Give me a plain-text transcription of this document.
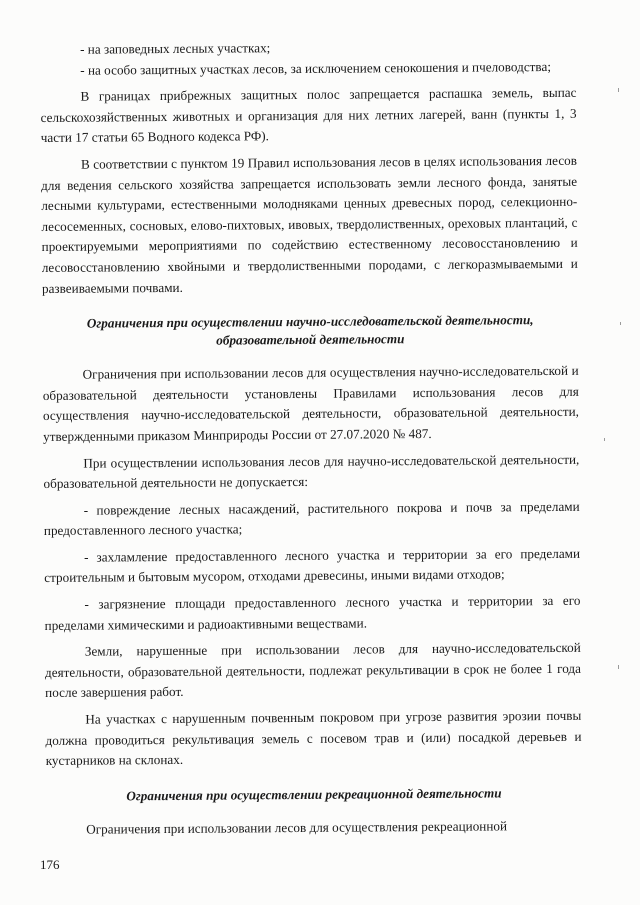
- на заповедных лесных участках;

- на особо защитных участках лесов, за исключением сенокошения и пчеловодства;

В границах прибрежных защитных полос запрещается распашка земель, выпас сельскохозяйственных животных и организация для них летних лагерей, ванн (пункты 1, 3 части 17 статьи 65 Водного кодекса РФ).

В соответствии с пунктом 19 Правил использования лесов в целях использования лесов для ведения сельского хозяйства запрещается использовать земли лесного фонда, занятые лесными культурами, естественными молодняками ценных древесных пород, селекционно-лесосеменных, сосновых, елово-пихтовых, ивовых, твердолиственных, ореховых плантаций, с проектируемыми мероприятиями по содействию естественному лесовосстановлению и лесовосстановлению хвойными и твердолиственными породами, с легкоразмываемыми и развеиваемыми почвами.

Ограничения при осуществлении научно-исследовательской деятельности, образовательной деятельности

Ограничения при использовании лесов для осуществления научно-исследовательской и образовательной деятельности установлены Правилами использования лесов для осуществления научно-исследовательской деятельности, образовательной деятельности, утвержденными приказом Минприроды России от 27.07.2020 № 487.

При осуществлении использования лесов для научно-исследовательской деятельности, образовательной деятельности не допускается:

- повреждение лесных насаждений, растительного покрова и почв за пределами предоставленного лесного участка;

- захламление предоставленного лесного участка и территории за его пределами строительным и бытовым мусором, отходами древесины, иными видами отходов;

- загрязнение площади предоставленного лесного участка и территории за его пределами химическими и радиоактивными веществами.

Земли, нарушенные при использовании лесов для научно-исследовательской деятельности, образовательной деятельности, подлежат рекультивации в срок не более 1 года после завершения работ.

На участках с нарушенным почвенным покровом при угрозе развития эрозии почвы должна проводиться рекультивация земель с посевом трав и (или) посадкой деревьев и кустарников на склонах.

Ограничения при осуществлении рекреационной деятельности

Ограничения при использовании лесов для осуществления рекреационной

176
